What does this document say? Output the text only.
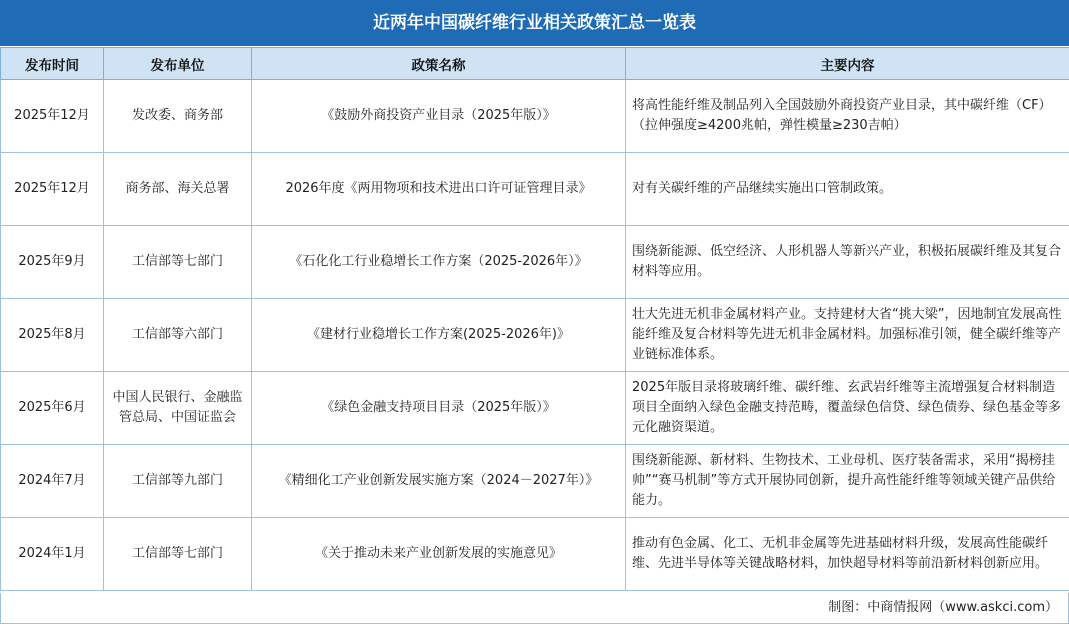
近两年中国碳纤维行业相关政策汇总一览表
发布时间	发布单位	政策名称	主要内容
2025年12月	发改委、商务部	《鼓励外商投资产业目录（2025年版）》	将高性能纤维及制品列入全国鼓励外商投资产业目录，其中碳纤维（CF）（拉伸强度≥4200兆帕，弹性模量≥230吉帕）
2025年12月	商务部、海关总署	2026年度《两用物项和技术进出口许可证管理目录》	对有关碳纤维的产品继续实施出口管制政策。
2025年9月	工信部等七部门	《石化化工行业稳增长工作方案（2025-2026年）》	围绕新能源、低空经济、人形机器人等新兴产业，积极拓展碳纤维及其复合材料等应用。
2025年8月	工信部等六部门	《建材行业稳增长工作方案(2025-2026年)》	壮大先进无机非金属材料产业。支持建材大省“挑大梁”，因地制宜发展高性能纤维及复合材料等先进无机非金属材料。加强标准引领，健全碳纤维等产业链标准体系。
2025年6月	中国人民银行、金融监管总局、中国证监会	《绿色金融支持项目目录（2025年版）》	2025年版目录将玻璃纤维、碳纤维、玄武岩纤维等主流增强复合材料制造项目全面纳入绿色金融支持范畴，覆盖绿色信贷、绿色债券、绿色基金等多元化融资渠道。
2024年7月	工信部等九部门	《精细化工产业创新发展实施方案（2024－2027年）》	围绕新能源、新材料、生物技术、工业母机、医疗装备需求，采用“揭榜挂帅”“赛马机制”等方式开展协同创新，提升高性能纤维等领域关键产品供给能力。
2024年1月	工信部等七部门	《关于推动未来产业创新发展的实施意见》	推动有色金属、化工、无机非金属等先进基础材料升级，发展高性能碳纤维、先进半导体等关键战略材料，加快超导材料等前沿新材料创新应用。
制图：中商情报网（www.askci.com）
